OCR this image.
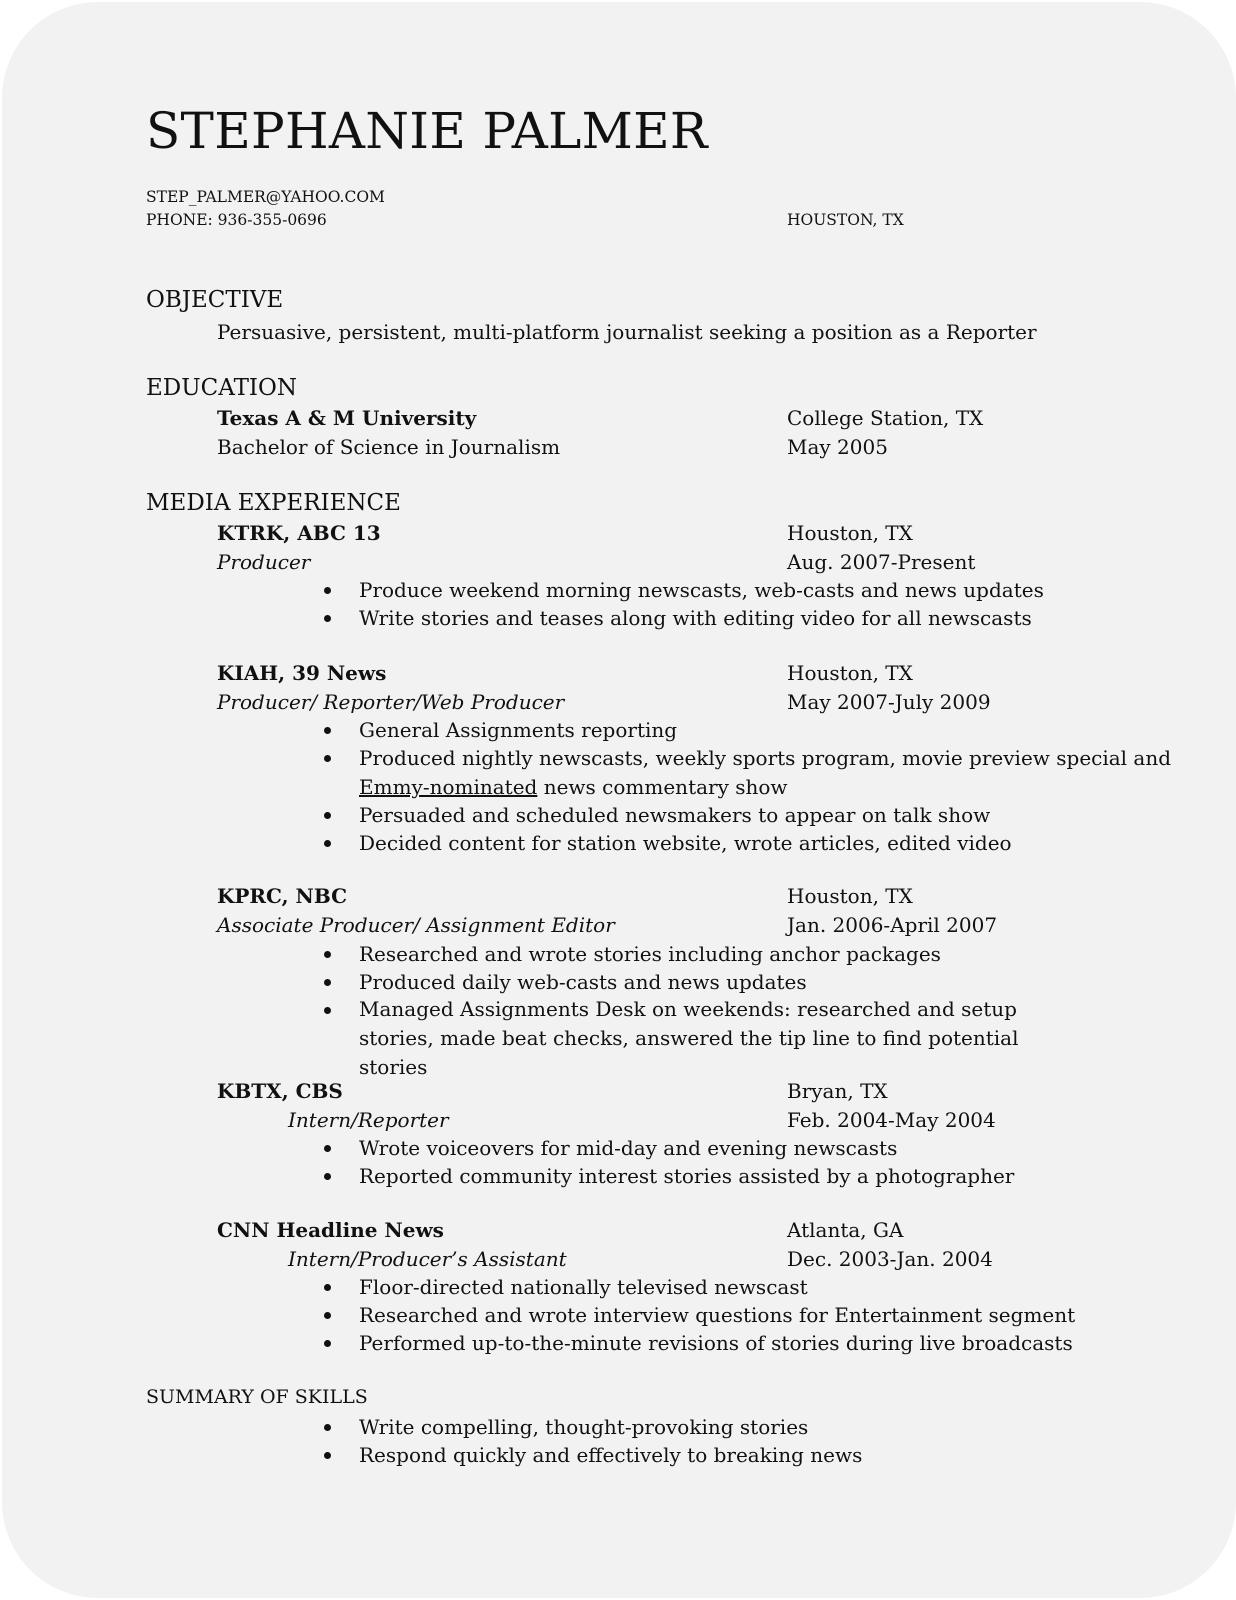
STEPHANIE PALMER
STEP_PALMER@YAHOO.COM
PHONE: 936-355-0696	HOUSTON, TX
OBJECTIVE
Persuasive, persistent, multi-platform journalist seeking a position as a Reporter
EDUCATION
Texas A & M University	College Station, TX
Bachelor of Science in Journalism	May 2005
MEDIA EXPERIENCE
KTRK, ABC 13	Houston, TX
Producer	Aug. 2007-Present
Produce weekend morning newscasts, web-casts and news updates
Write stories and teases along with editing video for all newscasts
KIAH, 39 News	Houston, TX
Producer/ Reporter/Web Producer	May 2007-July 2009
General Assignments reporting
Produced nightly newscasts, weekly sports program, movie preview special and
Emmy-nominated news commentary show
Persuaded and scheduled newsmakers to appear on talk show
Decided content for station website, wrote articles, edited video
KPRC, NBC	Houston, TX
Associate Producer/ Assignment Editor	Jan. 2006-April 2007
Researched and wrote stories including anchor packages
Produced daily web-casts and news updates
Managed Assignments Desk on weekends: researched and setup stories, made beat checks, answered the tip line to find potential stories
KBTX, CBS	Bryan, TX
Intern/Reporter	Feb. 2004-May 2004
Wrote voiceovers for mid-day and evening newscasts
Reported community interest stories assisted by a photographer
CNN Headline News	Atlanta, GA
Intern/Producer’s Assistant	Dec. 2003-Jan. 2004
Floor-directed nationally televised newscast
Researched and wrote interview questions for Entertainment segment
Performed up-to-the-minute revisions of stories during live broadcasts
SUMMARY OF SKILLS
Write compelling, thought-provoking stories
Respond quickly and effectively to breaking news
